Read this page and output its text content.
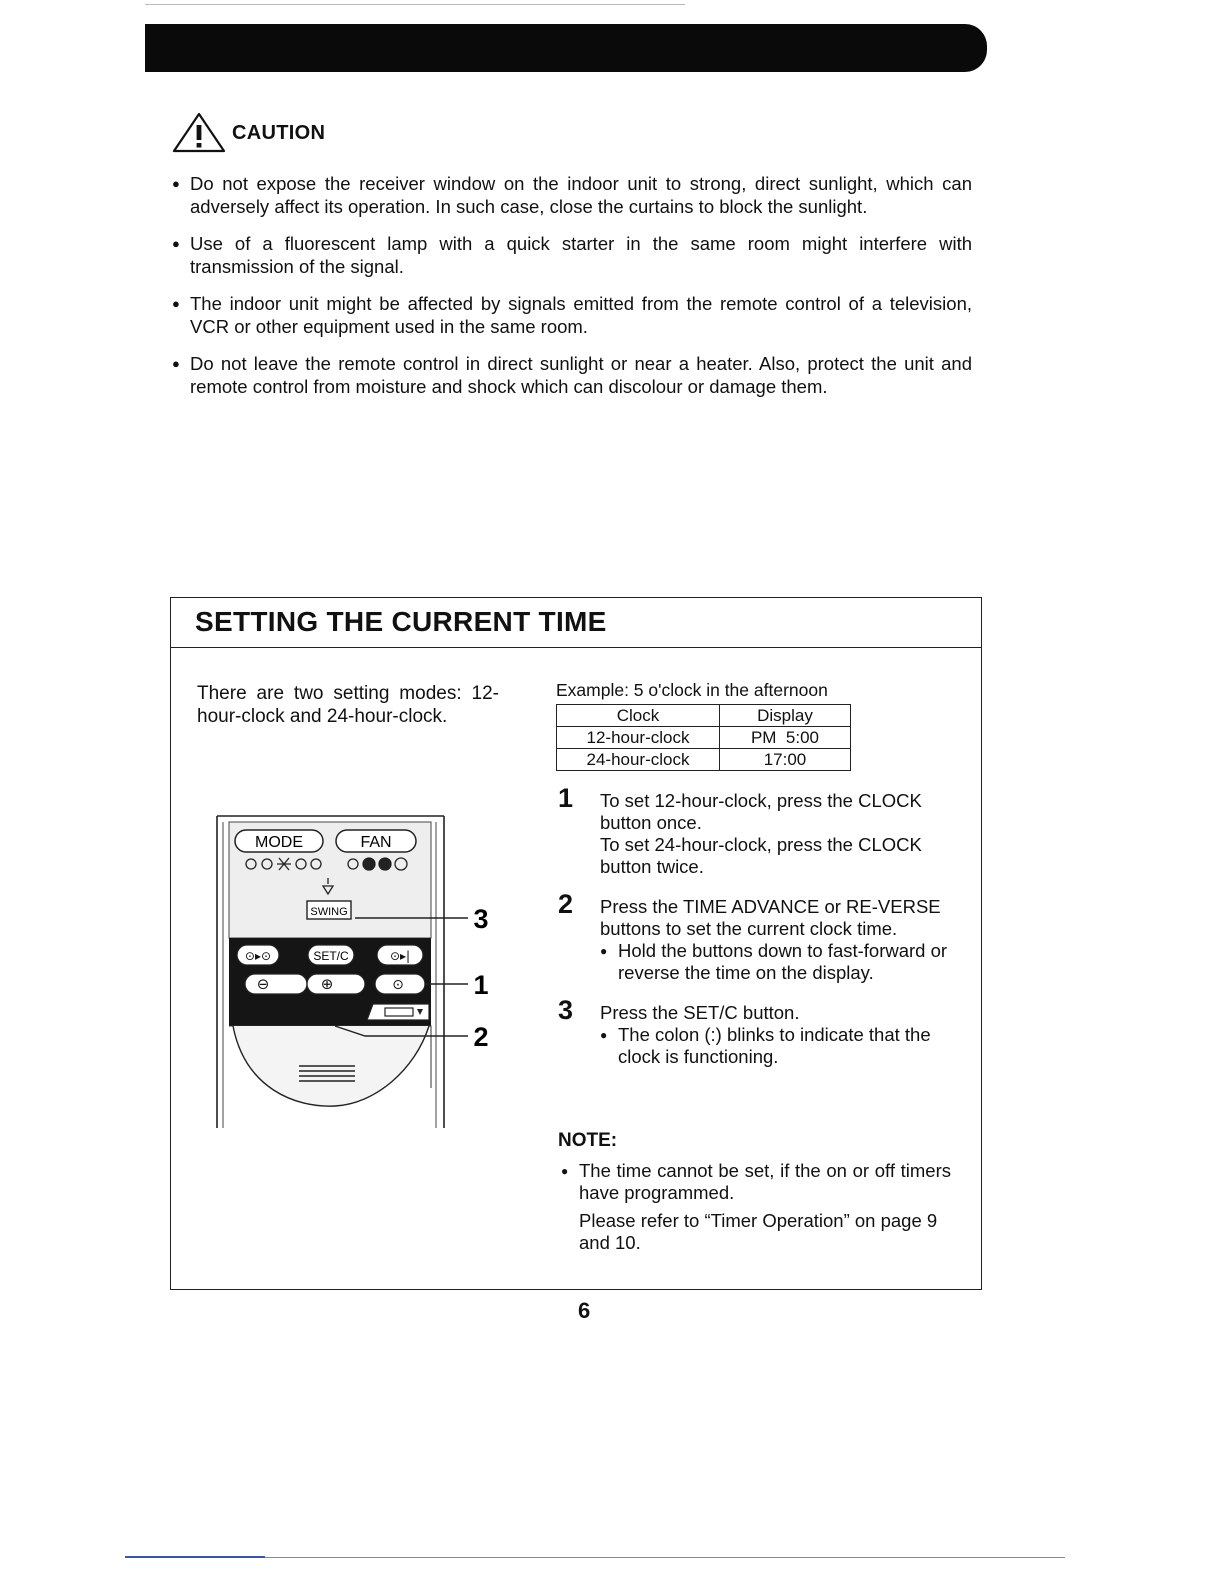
CAUTION
● Do not expose the receiver window on the indoor unit to strong, direct sunlight, which can adversely affect its operation. In such case, close the curtains to block the sunlight.
● Use of a fluorescent lamp with a quick starter in the same room might interfere with transmission of the signal.
● The indoor unit might be affected by signals emitted from the remote control of a television, VCR or other equipment used in the same room.
● Do not leave the remote control in direct sunlight or near a heater. Also, protect the unit and remote control from moisture and shock which can discolour or damage them.
SETTING THE CURRENT TIME
There are two setting modes: 12-hour-clock and 24-hour-clock.
Example: 5 o'clock in the afternoon
Clock	Display
12-hour-clock	PM  5:00
24-hour-clock	17:00
MODE	FAN
SWING
⊙▸⊙	SET/C	⊙▸|
⊖	⊕	⊙
3
1
2
1 To set 12-hour-clock, press the CLOCK button once.

To set 24-hour-clock, press the CLOCK button twice.

2 Press the TIME ADVANCE or RE-VERSE buttons to set the current clock time.

● Hold the buttons down to fast-forward or reverse the time on the display.

3 Press the SET/C button.

● The colon (:) blinks to indicate that the clock is functioning.

NOTE:
● The time cannot be set, if the on or off timers have programmed.
Please refer to “Timer Operation” on page 9 and 10.
6
